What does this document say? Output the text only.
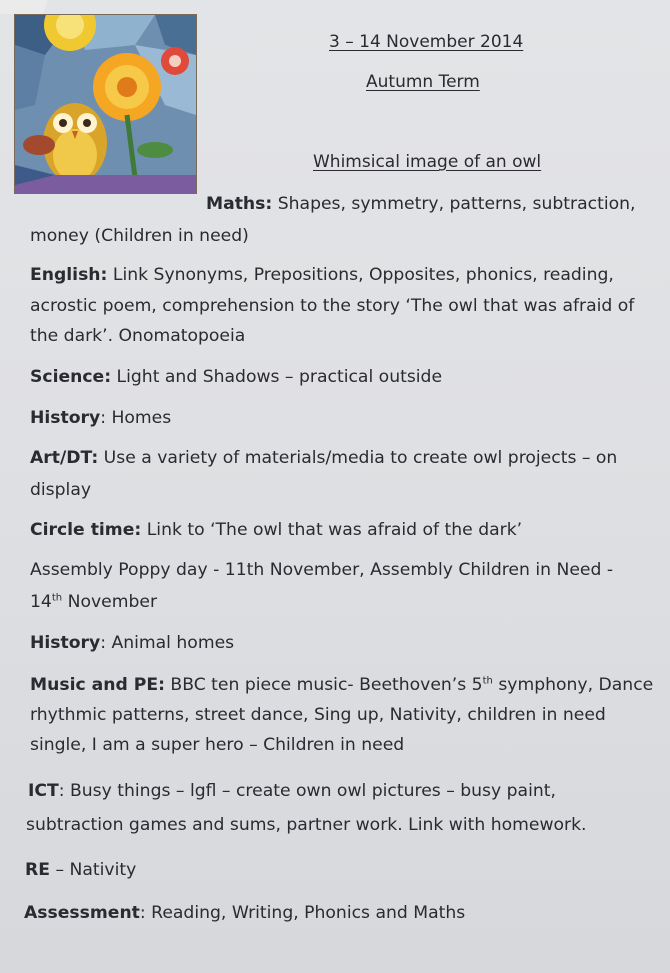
3 – 14 November 2014
Autumn Term
Whimsical image of an owl
Maths: Shapes, symmetry, patterns, subtraction,
money (Children in need)
English: Link Synonyms, Prepositions, Opposites, phonics, reading,
acrostic poem, comprehension to the story ‘The owl that was afraid of
the dark’. Onomatopoeia
Science: Light and Shadows – practical outside
History: Homes
Art/DT: Use a variety of materials/media to create owl projects – on
display
Circle time: Link to ‘The owl that was afraid of the dark’
Assembly Poppy day - 11th November, Assembly Children in Need -
14th November
History: Animal homes
Music and PE: BBC ten piece music- Beethoven’s 5th symphony, Dance
rhythmic patterns, street dance, Sing up, Nativity, children in need
single, I am a super hero – Children in need
ICT: Busy things – lgfl – create own owl pictures – busy paint,
subtraction games and sums, partner work. Link with homework.
RE – Nativity
Assessment: Reading, Writing, Phonics and Maths
